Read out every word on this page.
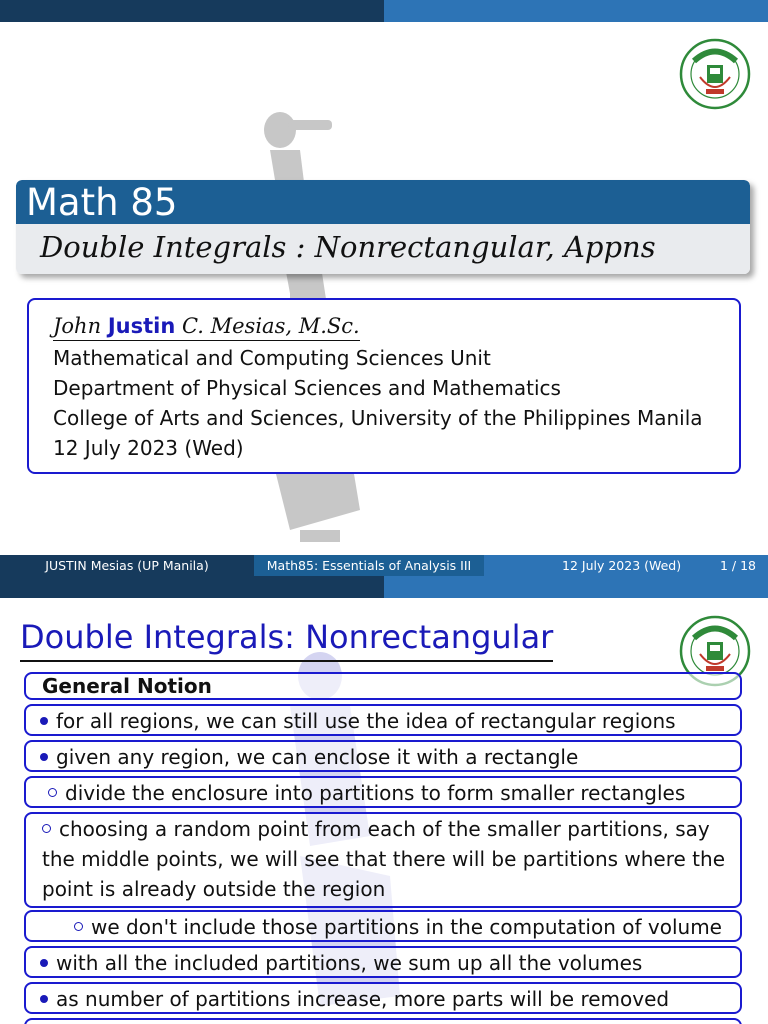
Math 85
Double Integrals : Nonrectangular, Appns
John Justin C. Mesias, M.Sc.
Mathematical and Computing Sciences Unit
Department of Physical Sciences and Mathematics
College of Arts and Sciences, University of the Philippines Manila
12 July 2023 (Wed)
JUSTIN Mesias (UP Manila)	Math85: Essentials of Analysis III	12 July 2023 (Wed)	1 / 18
Double Integrals: Nonrectangular
General Notion
for all regions, we can still use the idea of rectangular regions
given any region, we can enclose it with a rectangle
divide the enclosure into partitions to form smaller rectangles
choosing a random point from each of the smaller partitions, say the middle points, we will see that there will be partitions where the point is already outside the region
we don't include those partitions in the computation of volume
with all the included partitions, we sum up all the volumes
as number of partitions increase, more parts will be removed
